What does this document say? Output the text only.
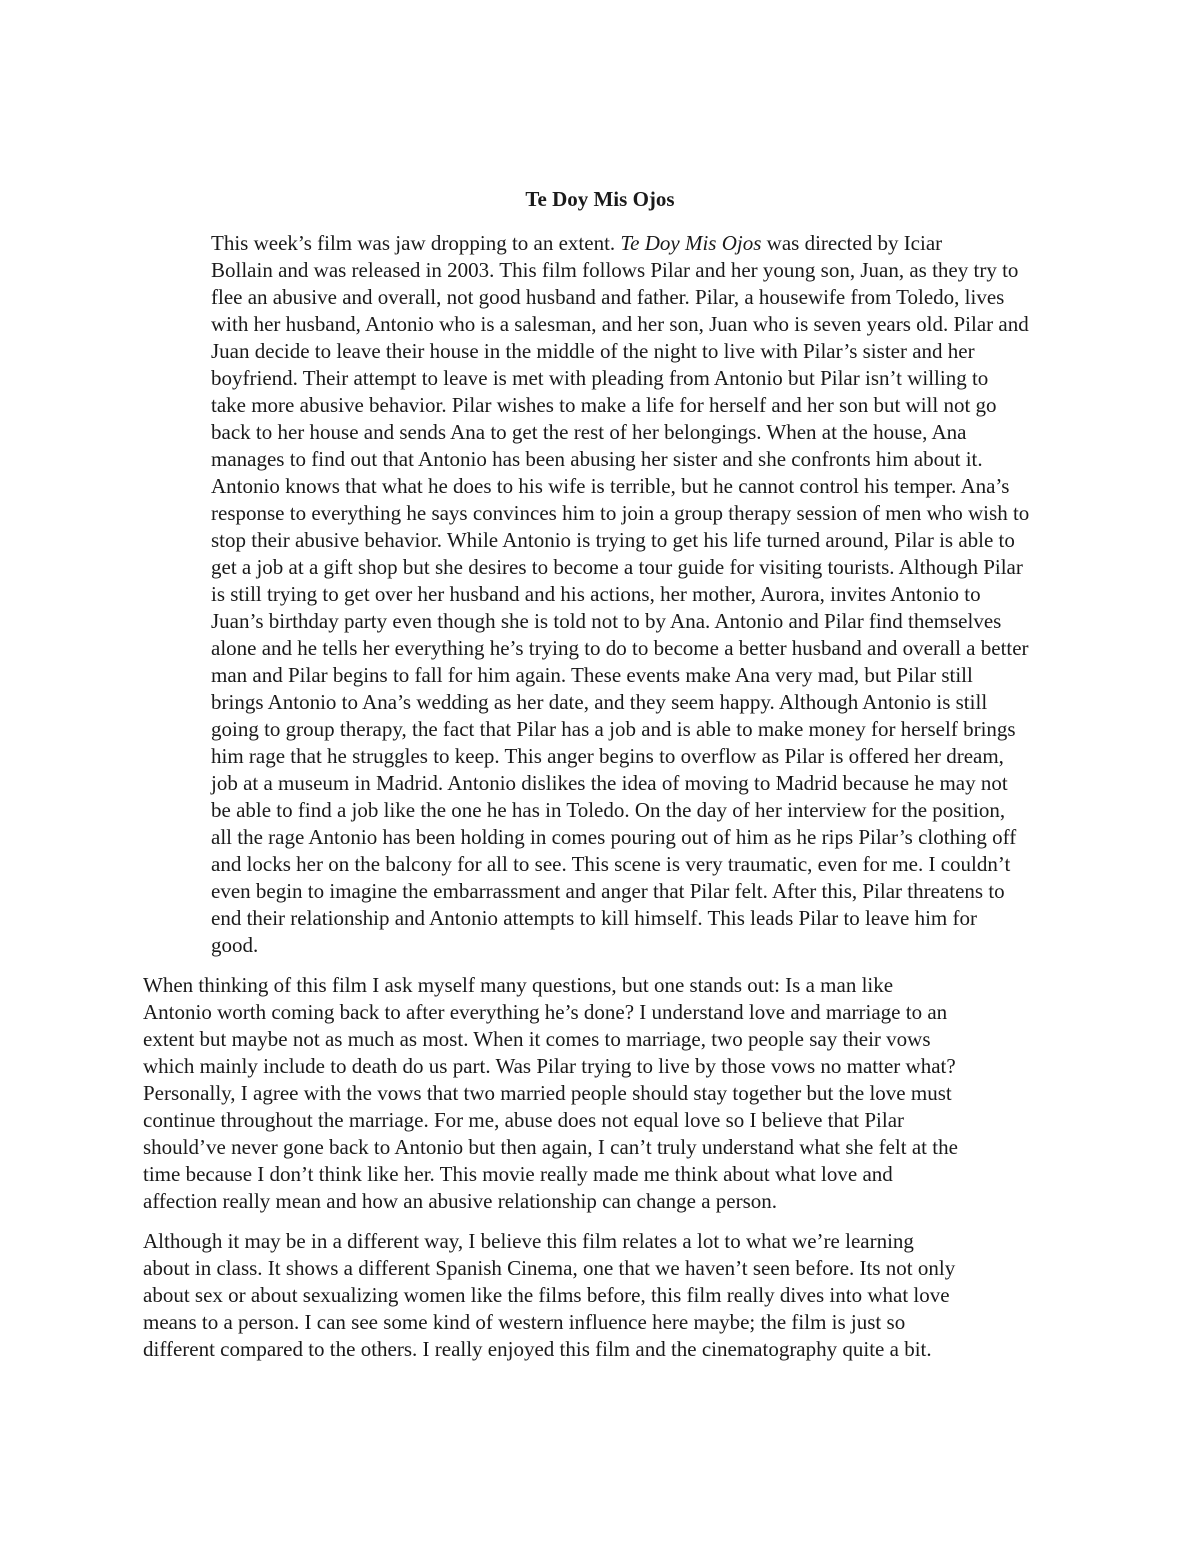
Te Doy Mis Ojos

This week’s film was jaw dropping to an extent. Te Doy Mis Ojos was directed by Iciar
Bollain and was released in 2003. This film follows Pilar and her young son, Juan, as they try to
flee an abusive and overall, not good husband and father. Pilar, a housewife from Toledo, lives
with her husband, Antonio who is a salesman, and her son, Juan who is seven years old. Pilar and
Juan decide to leave their house in the middle of the night to live with Pilar’s sister and her
boyfriend. Their attempt to leave is met with pleading from Antonio but Pilar isn’t willing to
take more abusive behavior. Pilar wishes to make a life for herself and her son but will not go
back to her house and sends Ana to get the rest of her belongings. When at the house, Ana
manages to find out that Antonio has been abusing her sister and she confronts him about it.
Antonio knows that what he does to his wife is terrible, but he cannot control his temper. Ana’s
response to everything he says convinces him to join a group therapy session of men who wish to
stop their abusive behavior. While Antonio is trying to get his life turned around, Pilar is able to
get a job at a gift shop but she desires to become a tour guide for visiting tourists. Although Pilar
is still trying to get over her husband and his actions, her mother, Aurora, invites Antonio to
Juan’s birthday party even though she is told not to by Ana. Antonio and Pilar find themselves
alone and he tells her everything he’s trying to do to become a better husband and overall a better
man and Pilar begins to fall for him again. These events make Ana very mad, but Pilar still
brings Antonio to Ana’s wedding as her date, and they seem happy. Although Antonio is still
going to group therapy, the fact that Pilar has a job and is able to make money for herself brings
him rage that he struggles to keep. This anger begins to overflow as Pilar is offered her dream,
job at a museum in Madrid. Antonio dislikes the idea of moving to Madrid because he may not
be able to find a job like the one he has in Toledo. On the day of her interview for the position,
all the rage Antonio has been holding in comes pouring out of him as he rips Pilar’s clothing off
and locks her on the balcony for all to see. This scene is very traumatic, even for me. I couldn’t
even begin to imagine the embarrassment and anger that Pilar felt. After this, Pilar threatens to
end their relationship and Antonio attempts to kill himself. This leads Pilar to leave him for
good.

When thinking of this film I ask myself many questions, but one stands out: Is a man like
Antonio worth coming back to after everything he’s done? I understand love and marriage to an
extent but maybe not as much as most. When it comes to marriage, two people say their vows
which mainly include to death do us part. Was Pilar trying to live by those vows no matter what?
Personally, I agree with the vows that two married people should stay together but the love must
continue throughout the marriage. For me, abuse does not equal love so I believe that Pilar
should’ve never gone back to Antonio but then again, I can’t truly understand what she felt at the
time because I don’t think like her. This movie really made me think about what love and
affection really mean and how an abusive relationship can change a person.

Although it may be in a different way, I believe this film relates a lot to what we’re learning
about in class. It shows a different Spanish Cinema, one that we haven’t seen before. Its not only
about sex or about sexualizing women like the films before, this film really dives into what love
means to a person. I can see some kind of western influence here maybe; the film is just so
different compared to the others. I really enjoyed this film and the cinematography quite a bit.
